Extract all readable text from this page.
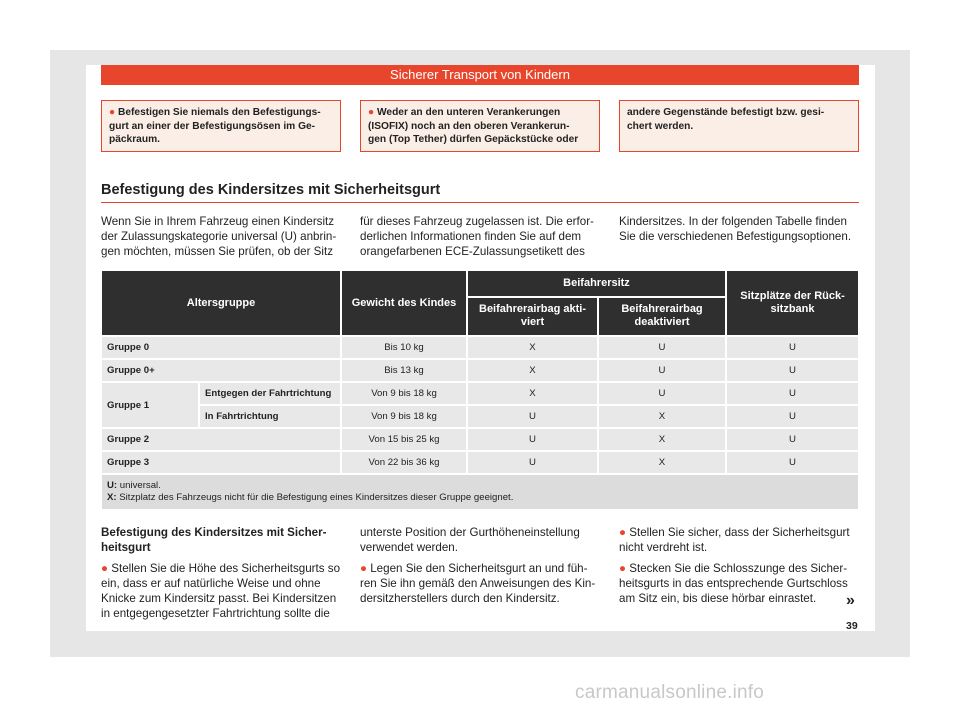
Sicherer Transport von Kindern
● Befestigen Sie niemals den Befestigungs-
gurt an einer der Befestigungsösen im Ge-
päckraum.
● Weder an den unteren Verankerungen
(ISOFIX) noch an den oberen Verankerun-
gen (Top Tether) dürfen Gepäckstücke oder
andere Gegenstände befestigt bzw. gesi-
chert werden.
Befestigung des Kindersitzes mit Sicherheitsgurt
Wenn Sie in Ihrem Fahrzeug einen Kindersitz
der Zulassungskategorie universal (U) anbrin-
gen möchten, müssen Sie prüfen, ob der Sitz
für dieses Fahrzeug zugelassen ist. Die erfor-
derlichen Informationen finden Sie auf dem
orangefarbenen ECE-Zulassungsetikett des
Kindersitzes. In der folgenden Tabelle finden
Sie die verschiedenen Befestigungsoptionen.
Altersgruppe		Gewicht des Kindes	Beifahrersitz		Sitzplätze der Rück-sitzbank
			Beifahrerairbag akti-viert	Beifahrerairbag deaktiviert	
Gruppe 0		Bis 10 kg	X	U	U
Gruppe 0+		Bis 13 kg	X	U	U
Gruppe 1	Entgegen der Fahrtrichtung	Von 9 bis 18 kg	X	U	U
	In Fahrtrichtung	Von 9 bis 18 kg	U	X	U
Gruppe 2		Von 15 bis 25 kg	U	X	U
Gruppe 3		Von 22 bis 36 kg	U	X	U
U: universal.
X: Sitzplatz des Fahrzeugs nicht für die Befestigung eines Kindersitzes dieser Gruppe geeignet.					
Befestigung des Kindersitzes mit Sicher-
heitsgurt

● Stellen Sie die Höhe des Sicherheitsgurts so
ein, dass er auf natürliche Weise und ohne
Knicke zum Kindersitz passt. Bei Kindersitzen
in entgegengesetzter Fahrtrichtung sollte die
unterste Position der Gurthöheneinstellung
verwendet werden.

● Legen Sie den Sicherheitsgurt an und füh-
ren Sie ihn gemäß den Anweisungen des Kin-
dersitzherstellers durch den Kindersitz.
● Stellen Sie sicher, dass der Sicherheitsgurt
nicht verdreht ist.

● Stecken Sie die Schlosszunge des Sicher-
heitsgurts in das entsprechende Gurtschloss
am Sitz ein, bis diese hörbar einrastet.	»
39
carmanualsonline.info
